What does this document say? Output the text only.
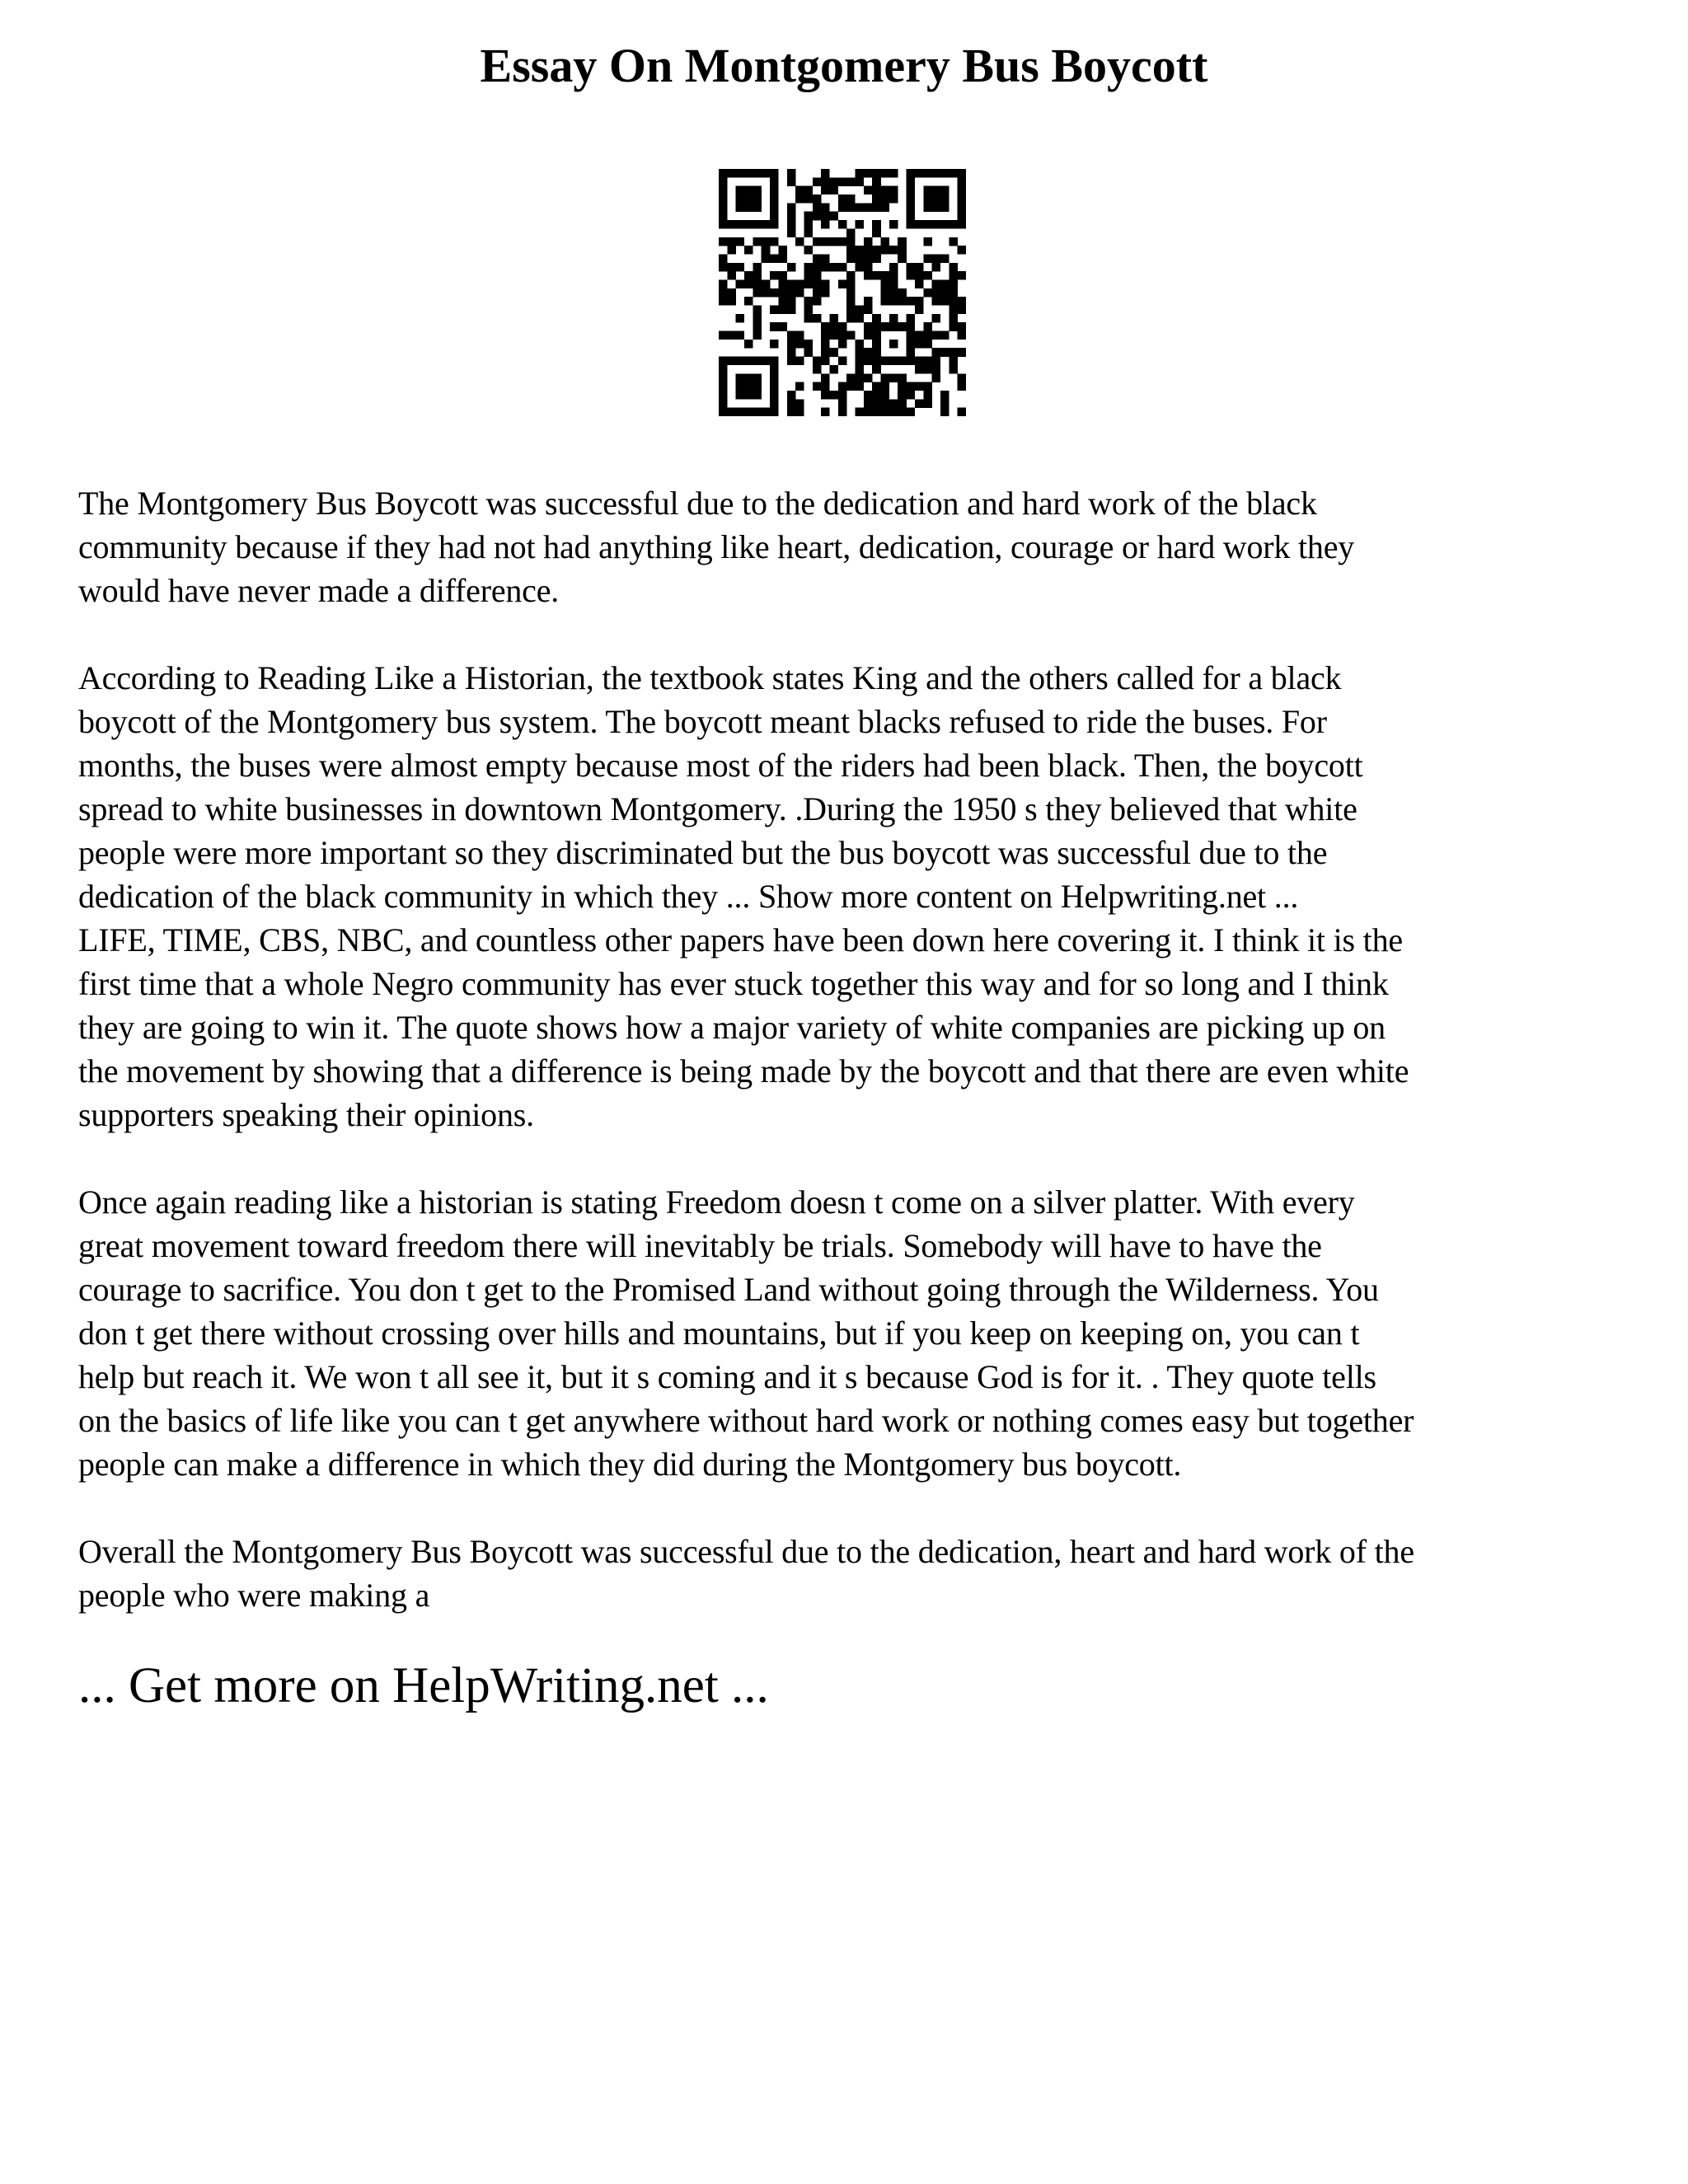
Essay On Montgomery Bus Boycott

The Montgomery Bus Boycott was successful due to the dedication and hard work of the black
community because if they had not had anything like heart, dedication, courage or hard work they
would have never made a difference.

According to Reading Like a Historian, the textbook states King and the others called for a black
boycott of the Montgomery bus system. The boycott meant blacks refused to ride the buses. For
months, the buses were almost empty because most of the riders had been black. Then, the boycott
spread to white businesses in downtown Montgomery. .During the 1950 s they believed that white
people were more important so they discriminated but the bus boycott was successful due to the
dedication of the black community in which they ... Show more content on Helpwriting.net ...
LIFE, TIME, CBS, NBC, and countless other papers have been down here covering it. I think it is the
first time that a whole Negro community has ever stuck together this way and for so long and I think
they are going to win it. The quote shows how a major variety of white companies are picking up on
the movement by showing that a difference is being made by the boycott and that there are even white
supporters speaking their opinions.

Once again reading like a historian is stating Freedom doesn t come on a silver platter. With every
great movement toward freedom there will inevitably be trials. Somebody will have to have the
courage to sacrifice. You don t get to the Promised Land without going through the Wilderness. You
don t get there without crossing over hills and mountains, but if you keep on keeping on, you can t
help but reach it. We won t all see it, but it s coming and it s because God is for it. . They quote tells
on the basics of life like you can t get anywhere without hard work or nothing comes easy but together
people can make a difference in which they did during the Montgomery bus boycott.

Overall the Montgomery Bus Boycott was successful due to the dedication, heart and hard work of the
people who were making a

... Get more on HelpWriting.net ...
